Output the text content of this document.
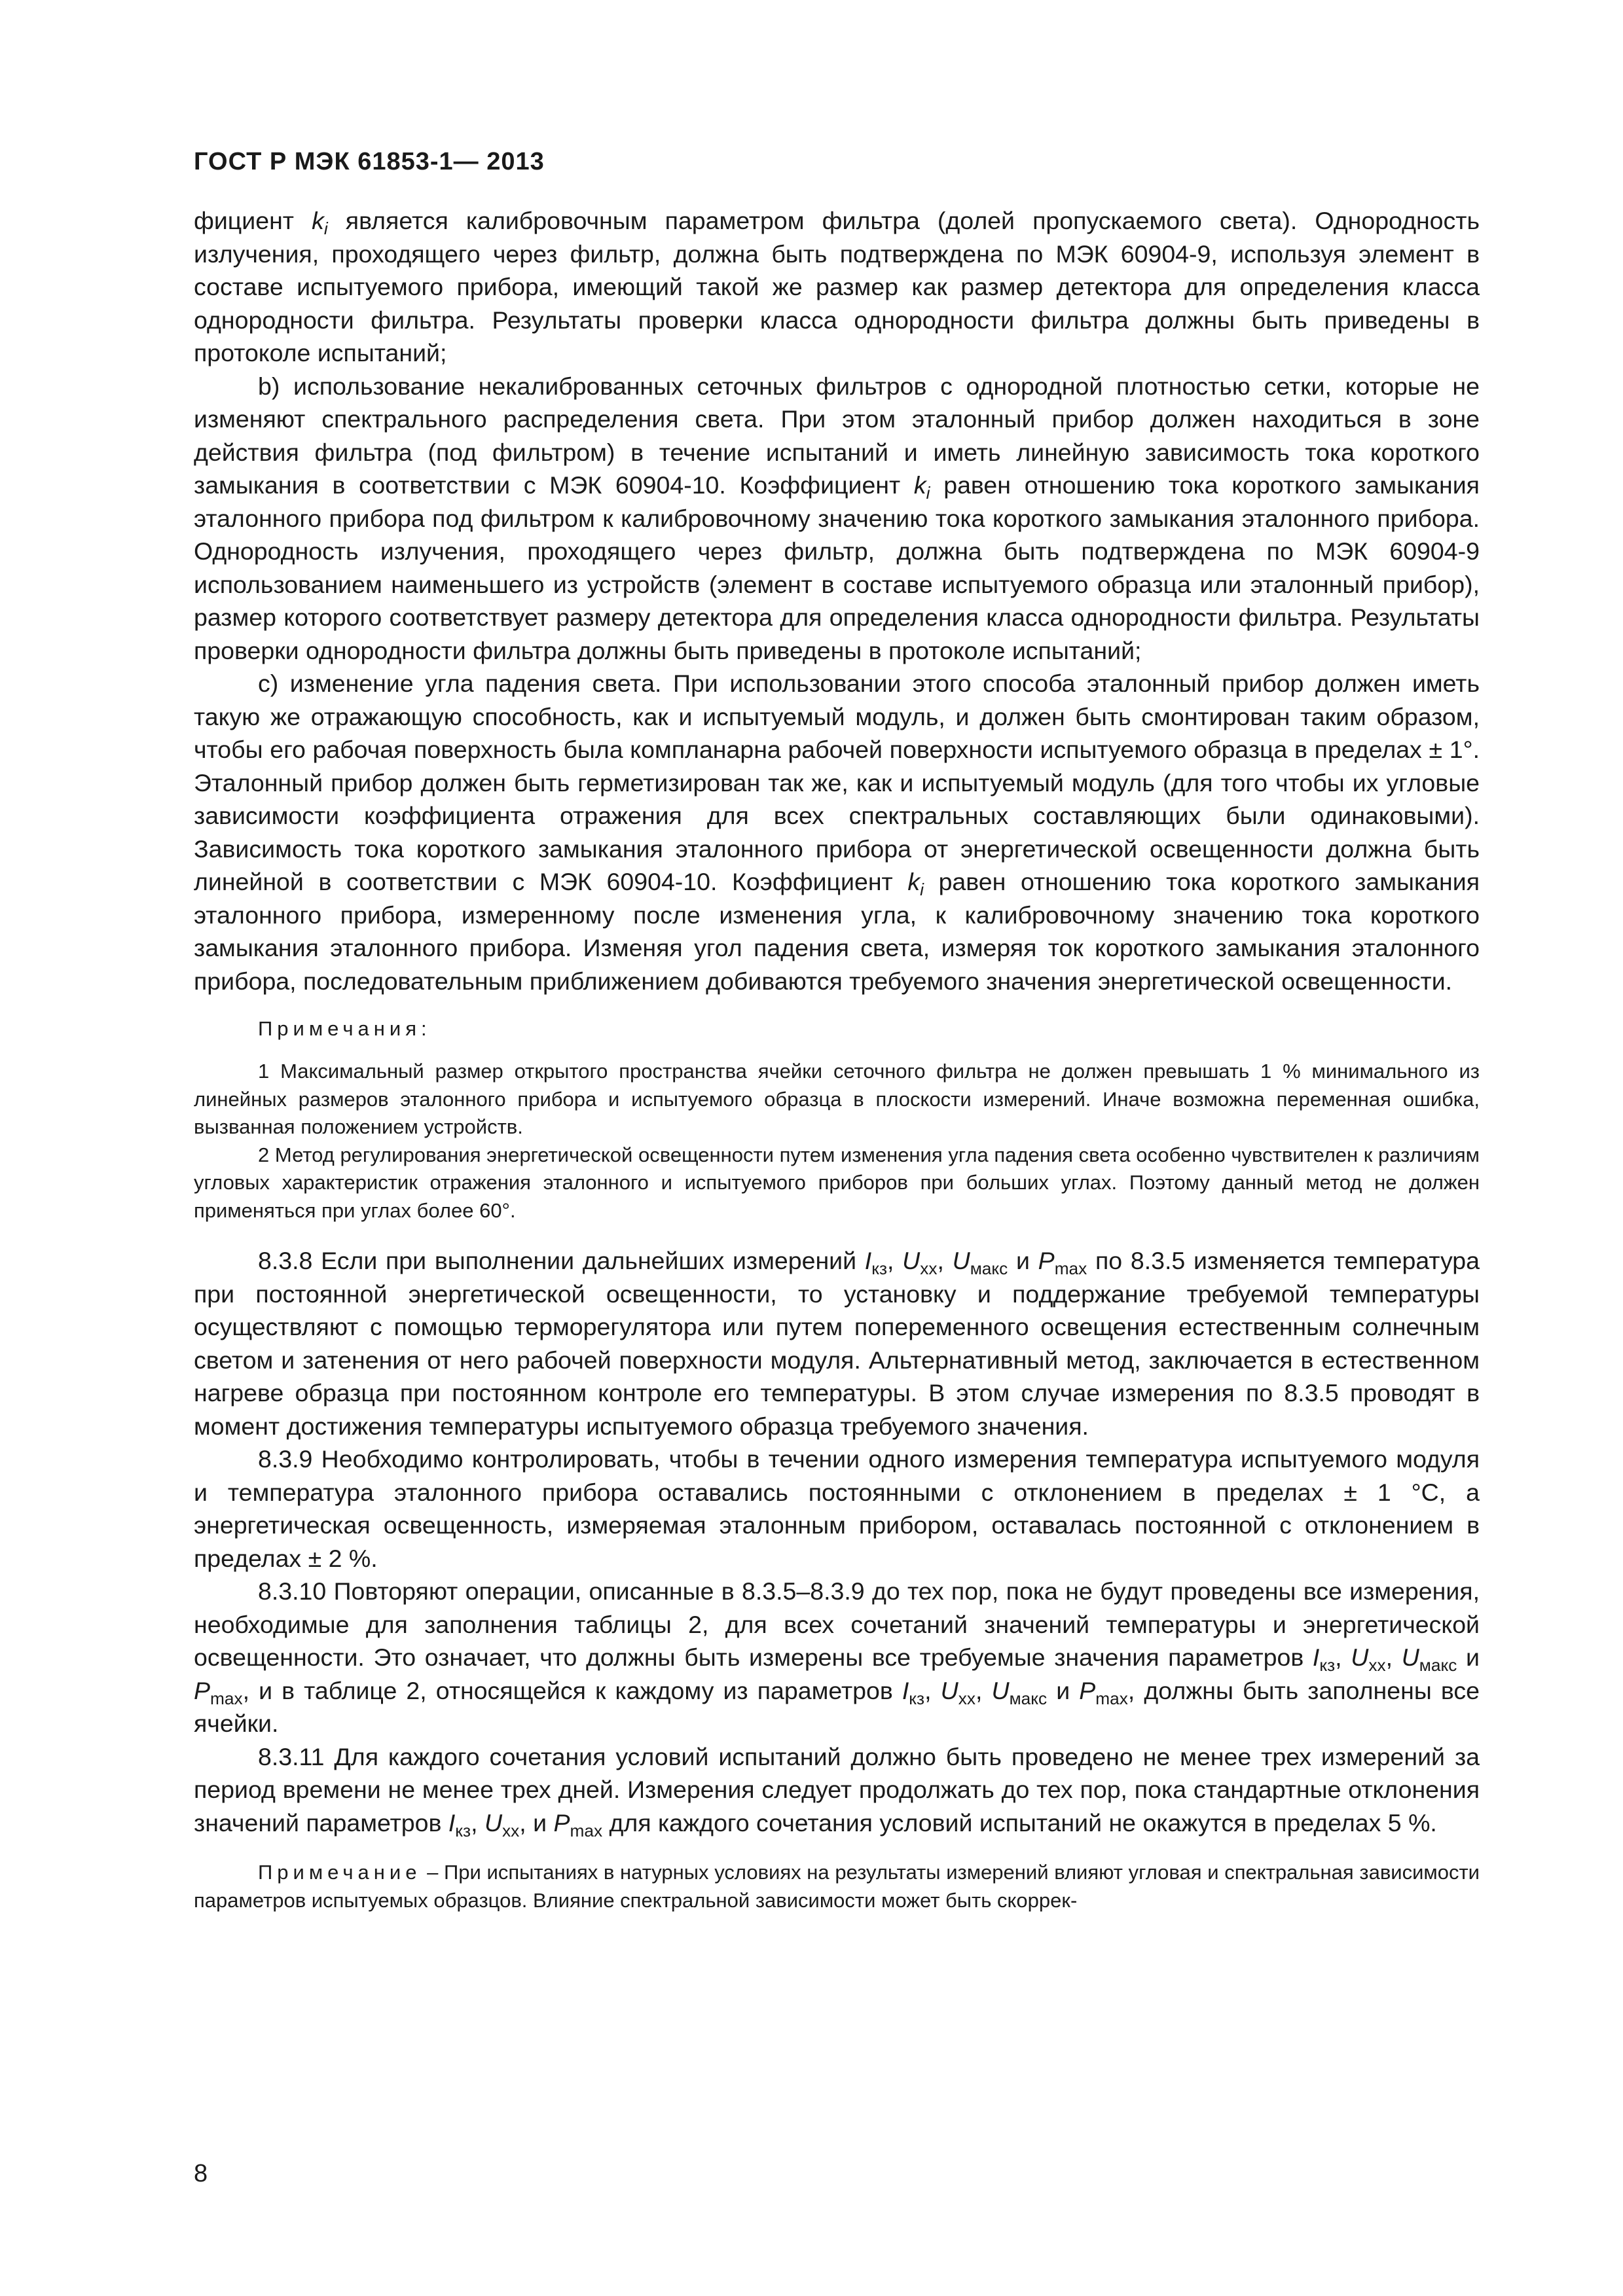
ГОСТ Р МЭК 61853-1— 2013

фициент $k_i$ является калибровочным параметром фильтра (долей пропускаемого света). Однородность излучения, проходящего через фильтр, должна быть подтверждена по МЭК 60904-9, используя элемент в составе испытуемого прибора, имеющий такой же размер как размер детектора для определения класса однородности фильтра. Результаты проверки класса однородности фильтра должны быть приведены в протоколе испытаний;

b) использование некалиброванных сеточных фильтров с однородной плотностью сетки, которые не изменяют спектрального распределения света. При этом эталонный прибор должен находиться в зоне действия фильтра (под фильтром) в течение испытаний и иметь линейную зависимость тока короткого замыкания в соответствии с МЭК 60904-10. Коэффициент $k_i$ равен отношению тока короткого замыкания эталонного прибора под фильтром к калибровочному значению тока короткого замыкания эталонного прибора. Однородность излучения, проходящего через фильтр, должна быть подтверждена по МЭК 60904-9 использованием наименьшего из устройств (элемент в составе испытуемого образца или эталонный прибор), размер которого соответствует размеру детектора для определения класса однородности фильтра. Результаты проверки однородности фильтра должны быть приведены в протоколе испытаний;

c) изменение угла падения света. При использовании этого способа эталонный прибор должен иметь такую же отражающую способность, как и испытуемый модуль, и должен быть смонтирован таким образом, чтобы его рабочая поверхность была компланарна рабочей поверхности испытуемого образца в пределах ± 1°. Эталонный прибор должен быть герметизирован так же, как и испытуемый модуль (для того чтобы их угловые зависимости коэффициента отражения для всех спектральных составляющих были одинаковыми). Зависимость тока короткого замыкания эталонного прибора от энергетической освещенности должна быть линейной в соответствии с МЭК 60904-10. Коэффициент $k_i$ равен отношению тока короткого замыкания эталонного прибора, измеренному после изменения угла, к калибровочному значению тока короткого замыкания эталонного прибора. Изменяя угол падения света, измеряя ток короткого замыкания эталонного прибора, последовательным приближением добиваются требуемого значения энергетической освещенности.

Примечания:

1 Максимальный размер открытого пространства ячейки сеточного фильтра не должен превышать 1 % минимального из линейных размеров эталонного прибора и испытуемого образца в плоскости измерений. Иначе возможна переменная ошибка, вызванная положением устройств.

2 Метод регулирования энергетической освещенности путем изменения угла падения света особенно чувствителен к различиям угловых характеристик отражения эталонного и испытуемого приборов при больших углах. Поэтому данный метод не должен применяться при углах более 60°.

8.3.8 Если при выполнении дальнейших измерений $I_{кз}$, $U_{хх}$, $U_{макс}$ и $P_{max}$ по 8.3.5 изменяется температура при постоянной энергетической освещенности, то установку и поддержание требуемой температуры осуществляют с помощью терморегулятора или путем попеременного освещения естественным солнечным светом и затенения от него рабочей поверхности модуля. Альтернативный метод, заключается в естественном нагреве образца при постоянном контроле его температуры. В этом случае измерения по 8.3.5 проводят в момент достижения температуры испытуемого образца требуемого значения.

8.3.9 Необходимо контролировать, чтобы в течении одного измерения температура испытуемого модуля и температура эталонного прибора оставались постоянными с отклонением в пределах ± 1 °С, а энергетическая освещенность, измеряемая эталонным прибором, оставалась постоянной с отклонением в пределах ± 2 %.

8.3.10 Повторяют операции, описанные в 8.3.5–8.3.9 до тех пор, пока не будут проведены все измерения, необходимые для заполнения таблицы 2, для всех сочетаний значений температуры и энергетической освещенности. Это означает, что должны быть измерены все требуемые значения параметров $I_{кз}$, $U_{хх}$, $U_{макс}$ и $P_{max}$, и в таблице 2, относящейся к каждому из параметров $I_{кз}$, $U_{хх}$, $U_{макс}$ и $P_{max}$, должны быть заполнены все ячейки.

8.3.11 Для каждого сочетания условий испытаний должно быть проведено не менее трех измерений за период времени не менее трех дней. Измерения следует продолжать до тех пор, пока стандартные отклонения значений параметров $I_{кз}$, $U_{хх}$, и $P_{max}$ для каждого сочетания условий испытаний не окажутся в пределах 5 %.

Примечание – При испытаниях в натурных условиях на результаты измерений влияют угловая и спектральная зависимости параметров испытуемых образцов. Влияние спектральной зависимости может быть скоррек-

8
